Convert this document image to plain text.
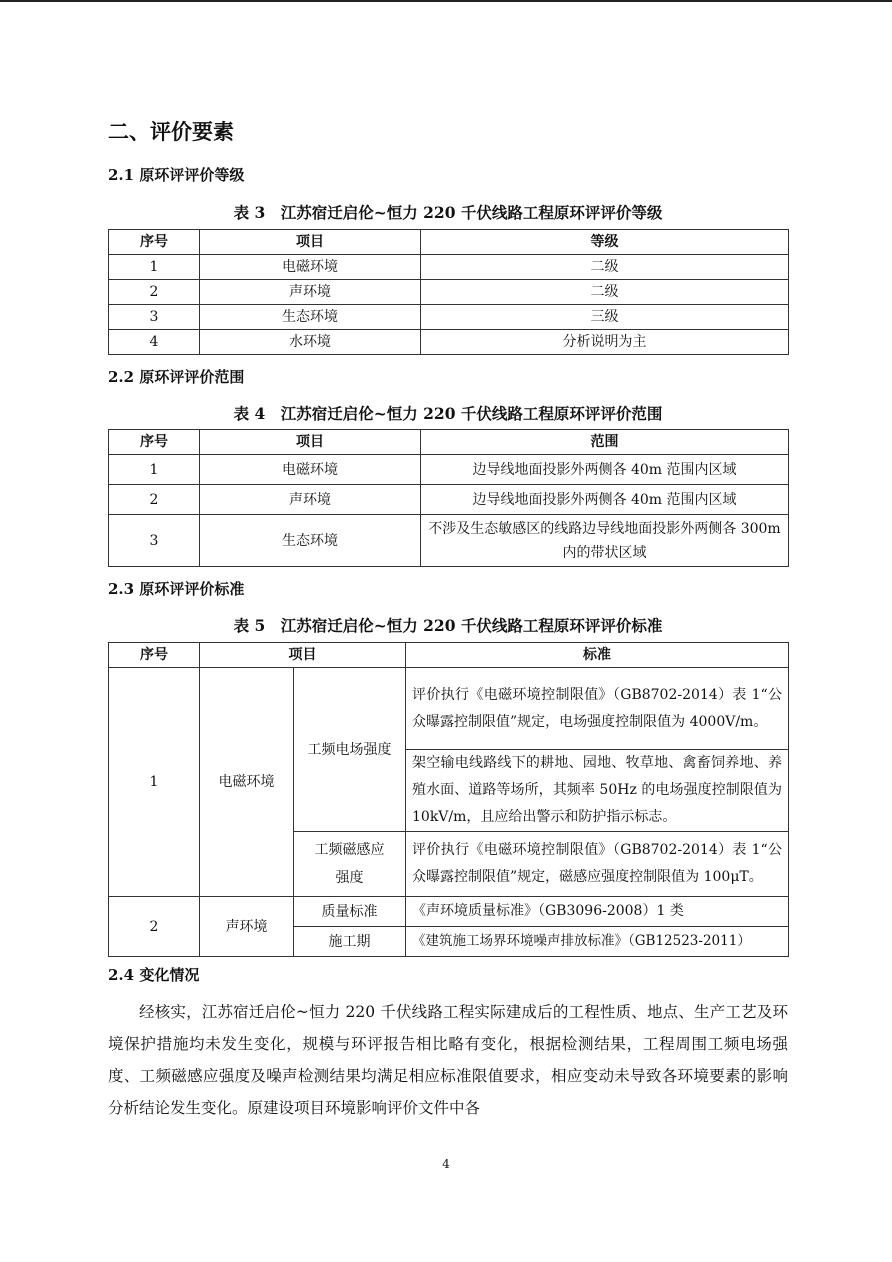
二、评价要素
2.1 原环评评价等级
表 3　江苏宿迁启伦~恒力 220 千伏线路工程原环评评价等级
序号	项目	等级
1	电磁环境	二级
2	声环境	二级
3	生态环境	三级
4	水环境	分析说明为主
2.2 原环评评价范围
表 4　江苏宿迁启伦~恒力 220 千伏线路工程原环评评价范围
序号	项目	范围
1	电磁环境	边导线地面投影外两侧各 40m 范围内区域
2	声环境	边导线地面投影外两侧各 40m 范围内区域
3	生态环境	不涉及生态敏感区的线路边导线地面投影外两侧各 300m 内的带状区域
2.3 原环评评价标准
表 5　江苏宿迁启伦~恒力 220 千伏线路工程原环评评价标准
序号	项目		标准
1	电磁环境	工频电场强度	评价执行《电磁环境控制限值》（GB8702-2014）表 1“公众曝露控制限值”规定，电场强度控制限值为 4000V/m。
			架空输电线路线下的耕地、园地、牧草地、禽畜饲养地、养殖水面、道路等场所，其频率 50Hz 的电场强度控制限值为 10kV/m，且应给出警示和防护指示标志。
		工频磁感应强度	评价执行《电磁环境控制限值》（GB8702-2014）表 1“公众曝露控制限值”规定，磁感应强度控制限值为 100μT。
2	声环境	质量标准	《声环境质量标准》（GB3096-2008）1 类
		施工期	《建筑施工场界环境噪声排放标准》（GB12523-2011）
2.4 变化情况

经核实，江苏宿迁启伦~恒力 220 千伏线路工程实际建成后的工程性质、地点、生产工艺及环境保护措施均未发生变化，规模与环评报告相比略有变化，根据检测结果，工程周围工频电场强度、工频磁感应强度及噪声检测结果均满足相应标准限值要求，相应变动未导致各环境要素的影响分析结论发生变化。原建设项目环境影响评价文件中各

4
